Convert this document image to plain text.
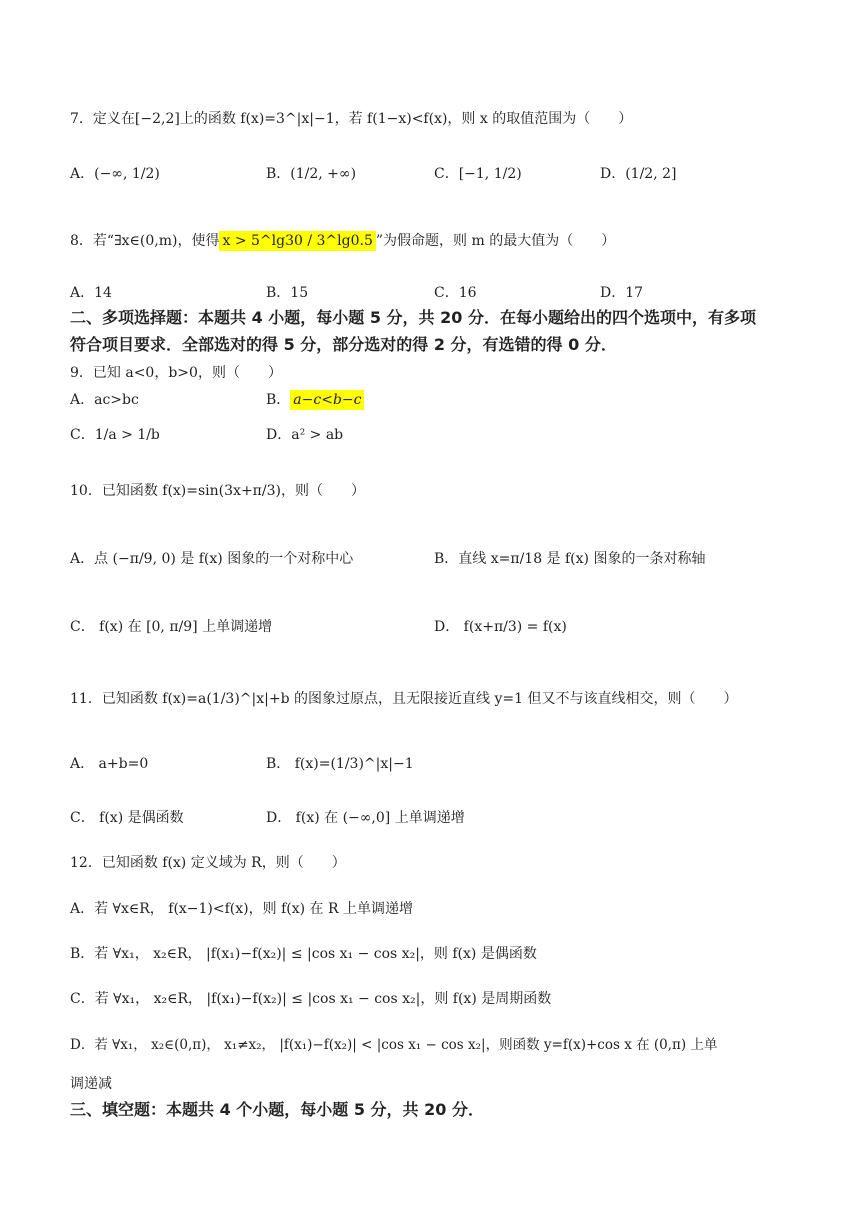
7．定义在[−2,2]上的函数 f(x)=3^|x|−1，若 f(1−x)<f(x)，则 x 的取值范围为（　　）
A．(−∞, 1/2)	B．(1/2, +∞)	C．[−1, 1/2)	D．(1/2, 2]
8．若“∃x∈(0,m)，使得 x > 5^lg30 / 3^lg0.5 ”为假命题，则 m 的最大值为（　　）
A．14	B．15	C．16	D．17
二、多项选择题：本题共 4 小题，每小题 5 分，共 20 分．在每小题给出的四个选项中，有多项
符合项目要求．全部选对的得 5 分，部分选对的得 2 分，有选错的得 0 分．
9．已知 a<0，b>0，则（　　）
A．ac>bc	B． a−c<b−c
C．1/a > 1/b	D．a² > ab
10．已知函数 f(x)=sin(3x+π/3)，则（　　）
A．点 (−π/9, 0) 是 f(x) 图象的一个对称中心	B．直线 x=π/18 是 f(x) 图象的一条对称轴
C． f(x) 在 [0, π/9] 上单调递增	D． f(x+π/3) = f(x)
11．已知函数 f(x)=a(1/3)^|x|+b 的图象过原点，且无限接近直线 y=1 但又不与该直线相交，则（　　）
A． a+b=0	B． f(x)=(1/3)^|x|−1
C． f(x) 是偶函数	D． f(x) 在 (−∞,0] 上单调递增
12．已知函数 f(x) 定义域为 R，则（　　）
A．若 ∀x∈R， f(x−1)<f(x)，则 f(x) 在 R 上单调递增
B．若 ∀x₁， x₂∈R， |f(x₁)−f(x₂)| ≤ |cos x₁ − cos x₂|，则 f(x) 是偶函数
C．若 ∀x₁， x₂∈R， |f(x₁)−f(x₂)| ≤ |cos x₁ − cos x₂|，则 f(x) 是周期函数
D．若 ∀x₁， x₂∈(0,π)， x₁≠x₂， |f(x₁)−f(x₂)| < |cos x₁ − cos x₂|，则函数 y=f(x)+cos x 在 (0,π) 上单
调递减
三、填空题：本题共 4 个小题，每小题 5 分，共 20 分．
